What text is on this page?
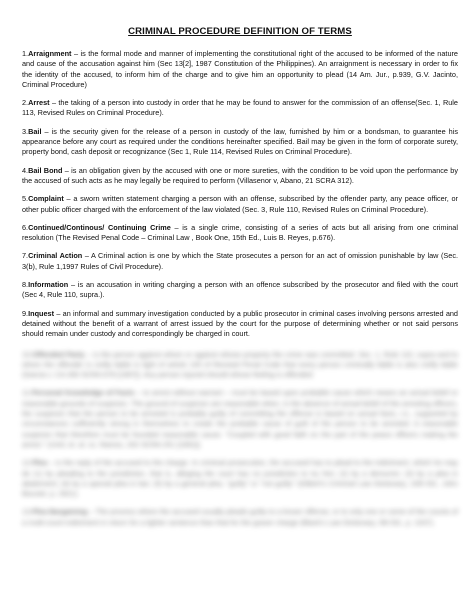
CRIMINAL PROCEDURE DEFINITION OF TERMS

1.Arraignment – is the formal mode and manner of implementing the constitutional right of the accused to be informed of the nature and cause of the accusation against him (Sec 13[2], 1987 Constitution of the Philippines). An arraignment is necessary in order to fix the identity of the accused, to inform him of the charge and to give him an opportunity to plead (14 Am. Jur., p.939, G.V. Jacinto, Criminal Procedure)

2.Arrest – the taking of a person into custody in order that he may be found to answer for the commission of an offense(Sec. 1, Rule 113, Revised Rules on Criminal Procedure).

3.Bail – is the security given for the release of a person in custody of the law, furnished by him or a bondsman, to guarantee his appearance before any court as required under the conditions hereinafter specified. Bail may be given in the form of corporate surety, property bond, cash deposit or recognizance (Sec 1, Rule 114, Revised Rules on Criminal Procedure).

4.Bail Bond – is an obligation given by the accused with one or more sureties, with the condition to be void upon the performance by the accused of such acts as he may legally be required to perform (Villasenor v, Abano, 21 SCRA 312).

5.Complaint – a sworn written statement charging a person with an offense, subscribed by the offender party, any peace officer, or other public officer charged with the enforcement of the law violated (Sec. 3, Rule 110, Revised Rules on Criminal Procedure).

6.Continued/Continous/ Continuing Crime – is a single crime, consisting of a series of acts but all arising from one criminal resolution (The Revised Penal Code – Criminal Law , Book One, 15th Ed., Luis B. Reyes, p.676).

7.Criminal Action – A Criminal action is one by which the State prosecutes a person for an act of omission punishable by law (Sec. 3(b), Rule 1,1997 Rules of Civil Procedure).

8.Information – is an accusation in writing charging a person with an offence subscribed by the prosecutor and filed with the court (Sec 4, Rule 110, supra.).

9.Inquest – an informal and summary investigation conducted by a public prosecutor in criminal cases involving persons arrested and detained without the benefit of a warrant of arrest issued by the court for the purpose of determining whether or not said persons should remain under custody and correspondingly be charged in court.

10.Offended Party – is the person against whom or against whose property the crime was committed. Sec. 1, Rule 110, supra and to whom the offender is civilly liable in light of article 100 of Revised Penal Code that every person criminally liable is also civilly liable (Garcia v. CA 266 SCRA 678 [1997]). Any person injured should whose feeling is offended.

11.Personal Knowledge of Facts – to arrest without warrant – must be based upon probable cause which means an actual belief or reasonable grounds of suspicion. The ground of suspicion are reasonable when, in the absence of actual belief of the arresting officers, the suspicion that the person to be arrested is probably guilty of committing the offense is based on actual facts, i.e., supported by circumstances sufficiently strong in themselves to create the probable cause of guilt of the person to be arrested. A reasonable suspicion that therefore must be founded reasonable cause. "Coupled with good faith on the part of the peace officers making the arrest." (Umil, et. al. vs. Ramos, 202 SCRA 251 [1991]).

12.Plea – is the reply of the accused to the charge. In criminal prosecution, the accused has to plead to the indictment, which he may do (1) by pleading to the jurisdiction, that is, alleging the court has no jurisdiction to try him; (2) by a demurrer; (3) by a plea in abatement; (4) by a special plea in bar; (5) by a general plea, "guilty" or "not guilty" (Gilbert's Criminal Law Dictionary, 10th Ed., John Bouvier, p. 2621).

13.Plea Bargaining – The process where the accused usually pleads guilty to a lesser offense, or to only one or some of the counts of a multi-count indictment in return for a lighter sentence than that for the graver charge (Black's Law Dictionary, 5th Ed., p. 1037).
